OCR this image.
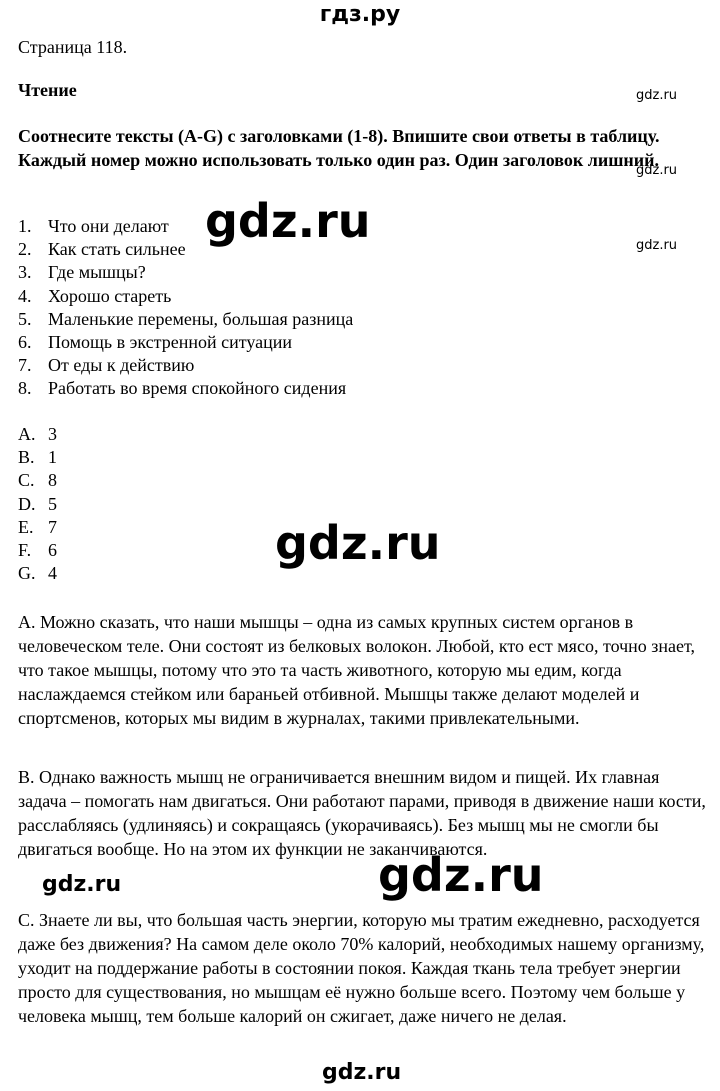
гдз.ру
Страница 118.
Чтение
Соотнесите тексты (A-G) с заголовками (1-8). Впишите свои ответы в таблицу. Каждый номер можно использовать только один раз. Один заголовок лишний.
1. Что они делают
2. Как стать сильнее
3. Где мышцы?
4. Хорошо стареть
5. Маленькие перемены, большая разница
6. Помощь в экстренной ситуации
7. От еды к действию
8. Работать во время спокойного сидения
A. 3
B. 1
C. 8
D. 5
E. 7
F. 6
G. 4
A. Можно сказать, что наши мышцы – одна из самых крупных систем органов в человеческом теле. Они состоят из белковых волокон. Любой, кто ест мясо, точно знает, что такое мышцы, потому что это та часть животного, которую мы едим, когда наслаждаемся стейком или бараньей отбивной. Мышцы также делают моделей и спортсменов, которых мы видим в журналах, такими привлекательными.
B. Однако важность мышц не ограничивается внешним видом и пищей. Их главная задача – помогать нам двигаться. Они работают парами, приводя в движение наши кости, расслабляясь (удлиняясь) и сокращаясь (укорачиваясь). Без мышц мы не смогли бы двигаться вообще. Но на этом их функции не заканчиваются.
C. Знаете ли вы, что большая часть энергии, которую мы тратим ежедневно, расходуется даже без движения? На самом деле около 70% калорий, необходимых нашему организму, уходит на поддержание работы в состоянии покоя. Каждая ткань тела требует энергии просто для существования, но мышцам её нужно больше всего. Поэтому чем больше у человека мышц, тем больше калорий он сжигает, даже ничего не делая.
gdz.ru
gdz.ru
gdz.ru
gdz.ru
gdz.ru
gdz.ru
gdz.ru
gdz.ru
